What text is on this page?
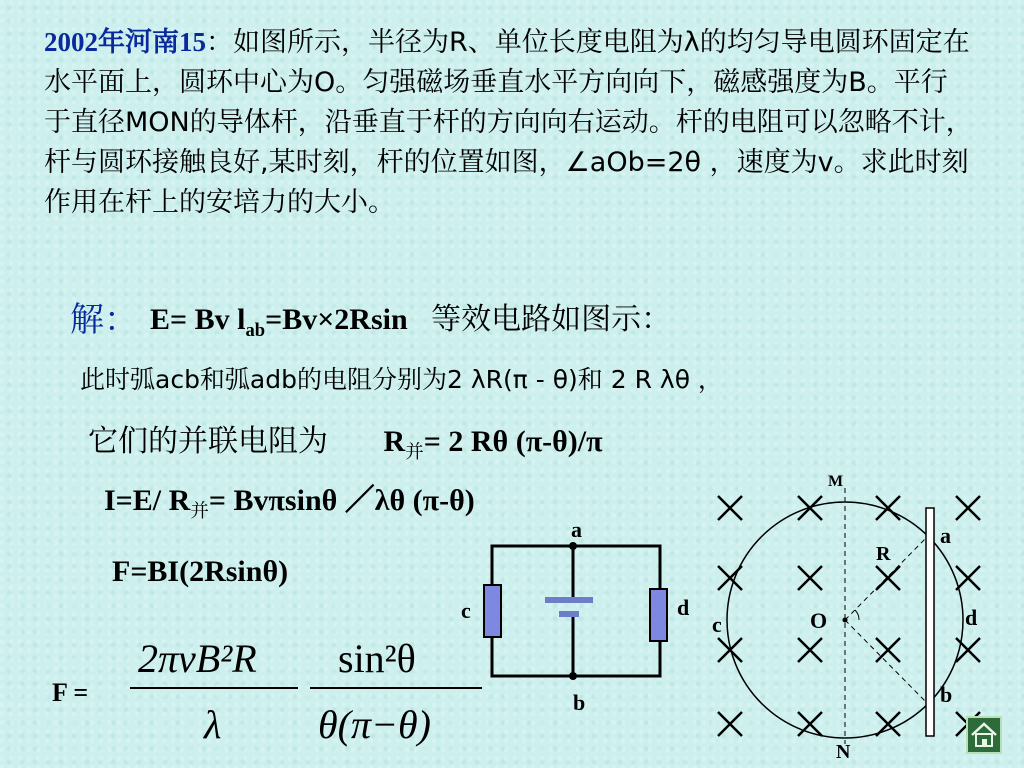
2002年河南15：如图所示，半径为R、单位长度电阻为λ的均匀导电圆环固定在水平面上，圆环中心为O。匀强磁场垂直水平方向向下，磁感强度为B。平行于直径MON的导体杆，沿垂直于杆的方向向右运动。杆的电阻可以忽略不计，杆与圆环接触良好,某时刻，杆的位置如图，∠aOb=2θ ，速度为v。求此时刻作用在杆上的安培力的大小。
解： E= Bv $l_{ab}=Bv\times 2Rsin$ 等效电路如图示：
此时弧acb和弧adb的电阻分别为2 λR(π - θ)和 2 R λθ ，
它们的并联电阻为 $R_并= 2$ Rθ (π-θ)/π
I=E/ $R_并= Bv\pi\sin\theta$ ／λθ (π-θ)
F=BI(2Rsinθ)
F =
2πvB²R
λ
sin²θ
θ(π−θ)
a
b
c	d
M
N
O
R
a
b
c	d
